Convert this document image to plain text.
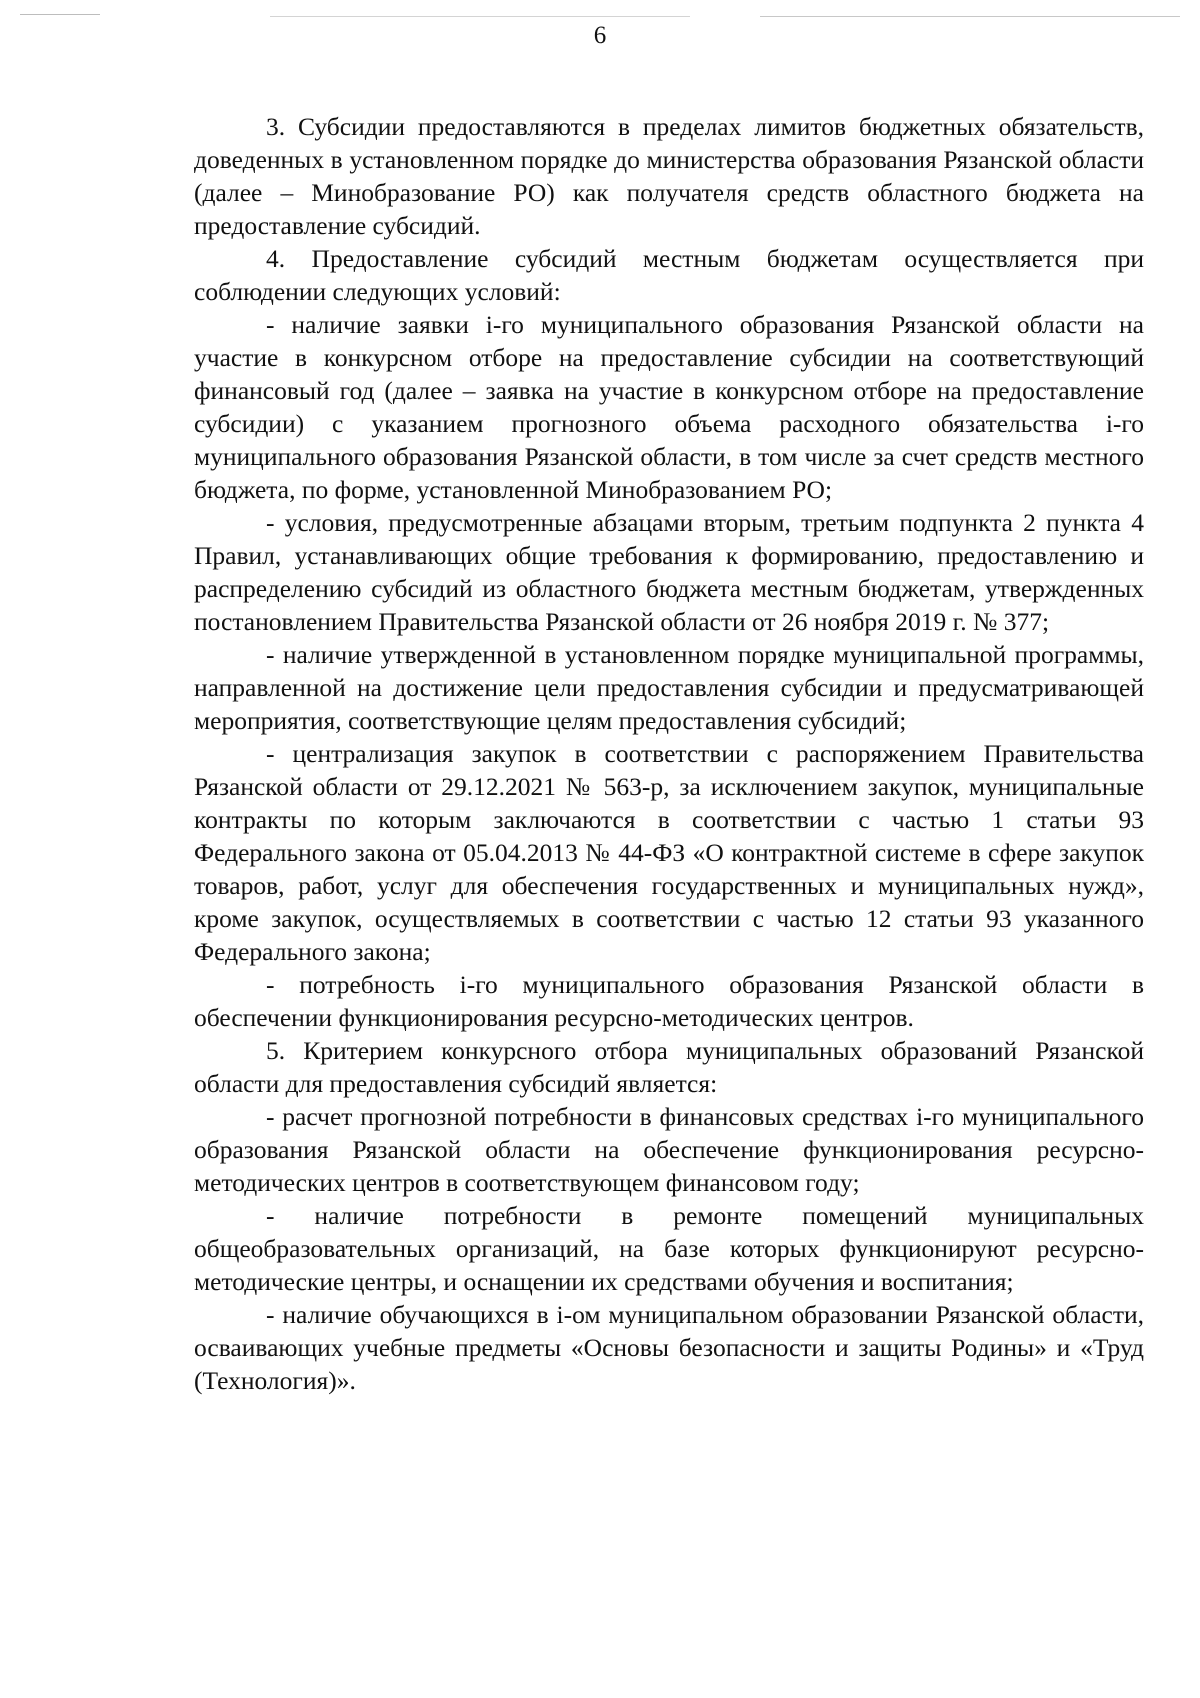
6

3. Субсидии предоставляются в пределах лимитов бюджетных обязательств, доведенных в установленном порядке до министерства образования Рязанской области (далее – Минобразование РО) как получателя средств областного бюджета на предоставление субсидий.

4. Предоставление субсидий местным бюджетам осуществляется при соблюдении следующих условий:

- наличие заявки i-го муниципального образования Рязанской области на участие в конкурсном отборе на предоставление субсидии на соответствующий финансовый год (далее – заявка на участие в конкурсном отборе на предоставление субсидии) с указанием прогнозного объема расходного обязательства i-го муниципального образования Рязанской области, в том числе за счет средств местного бюджета, по форме, установленной Минобразованием РО;

- условия, предусмотренные абзацами вторым, третьим подпункта 2 пункта 4 Правил, устанавливающих общие требования к формированию, предоставлению и распределению субсидий из областного бюджета местным бюджетам, утвержденных постановлением Правительства Рязанской области от 26 ноября 2019 г. № 377;

- наличие утвержденной в установленном порядке муниципальной программы, направленной на достижение цели предоставления субсидии и предусматривающей мероприятия, соответствующие целям предоставления субсидий;

- централизация закупок в соответствии с распоряжением Правительства Рязанской области от 29.12.2021 № 563-р, за исключением закупок, муниципальные контракты по которым заключаются в соответствии с частью 1 статьи 93 Федерального закона от 05.04.2013 № 44-ФЗ «О контрактной системе в сфере закупок товаров, работ, услуг для обеспечения государственных и муниципальных нужд», кроме закупок, осуществляемых в соответствии с частью 12 статьи 93 указанного Федерального закона;

- потребность i-го муниципального образования Рязанской области в обеспечении функционирования ресурсно-методических центров.

5. Критерием конкурсного отбора муниципальных образований Рязанской области для предоставления субсидий является:

- расчет прогнозной потребности в финансовых средствах i-го муниципального образования Рязанской области на обеспечение функционирования ресурсно-методических центров в соответствующем финансовом году;

- наличие потребности в ремонте помещений муниципальных общеобразовательных организаций, на базе которых функционируют ресурсно-методические центры, и оснащении их средствами обучения и воспитания;

- наличие обучающихся в i-ом муниципальном образовании Рязанской области, осваивающих учебные предметы «Основы безопасности и защиты Родины» и «Труд (Технология)».
